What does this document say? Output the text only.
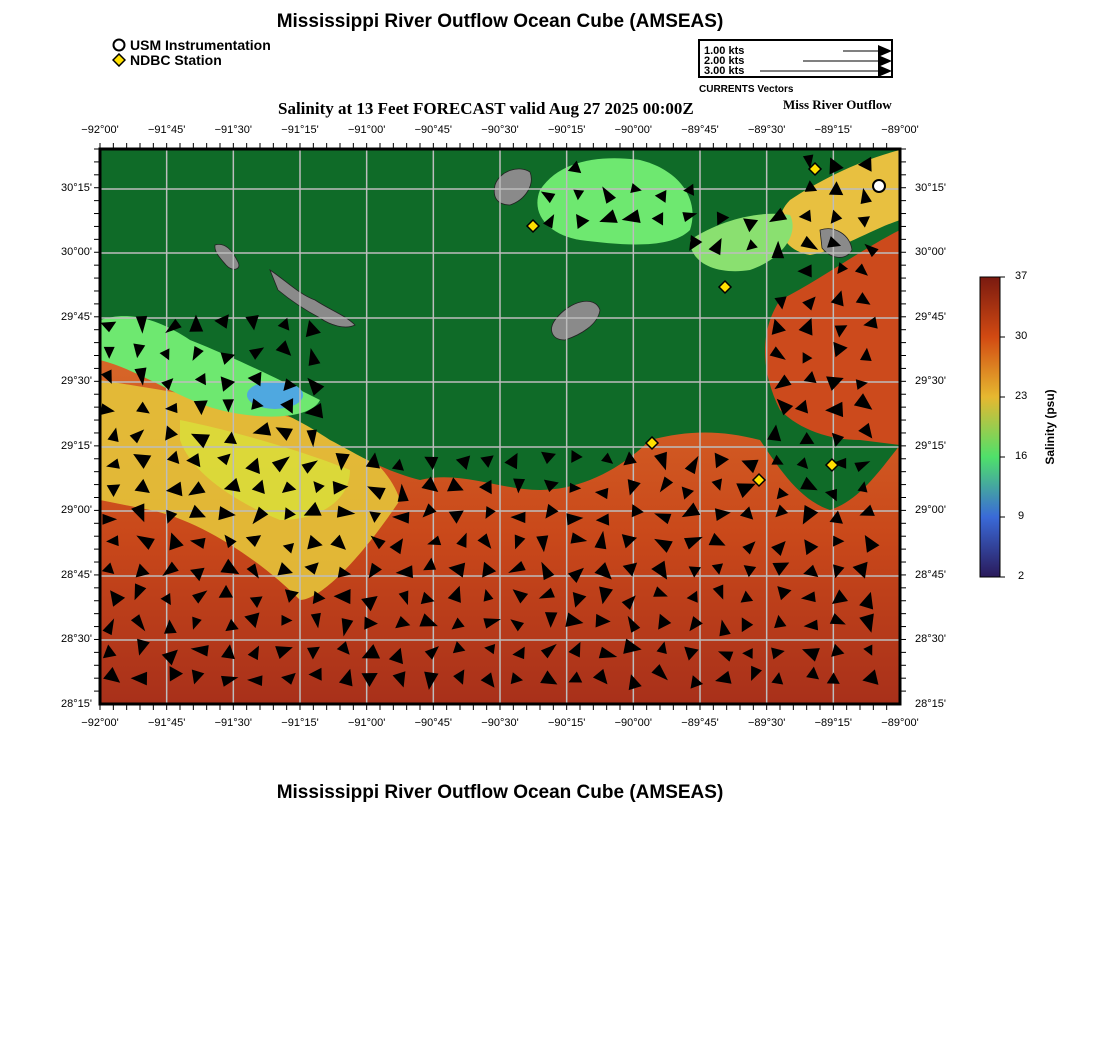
Mississippi River Outflow Ocean Cube (AMSEAS)
USM Instrumentation
NDBC Station
1.00 kts
2.00 kts
3.00 kts
CURRENTS Vectors
Salinity at 13 Feet FORECAST valid Aug 27 2025 00:00Z	Miss River Outflow
37
30
23
16
9
2
Salinity (psu)
Mississippi River Outflow Ocean Cube (AMSEAS)
−92°00'
−92°00'
−91°45'
−91°45'
−91°30'
−91°30'
−91°15'
−91°15'
−91°00'
−91°00'
−90°45'
−90°45'
−90°30'
−90°30'
−90°15'
−90°15'
−90°00'
−90°00'
−89°45'
−89°45'
−89°30'
−89°30'
−89°15'
−89°15'
−89°00'
−89°00'
30°15'	30°15'
30°00'	30°00'
29°45'	29°45'
29°30'	29°30'
29°15'	29°15'
29°00'	29°00'
28°45'	28°45'
28°30'	28°30'
28°15'	28°15'
